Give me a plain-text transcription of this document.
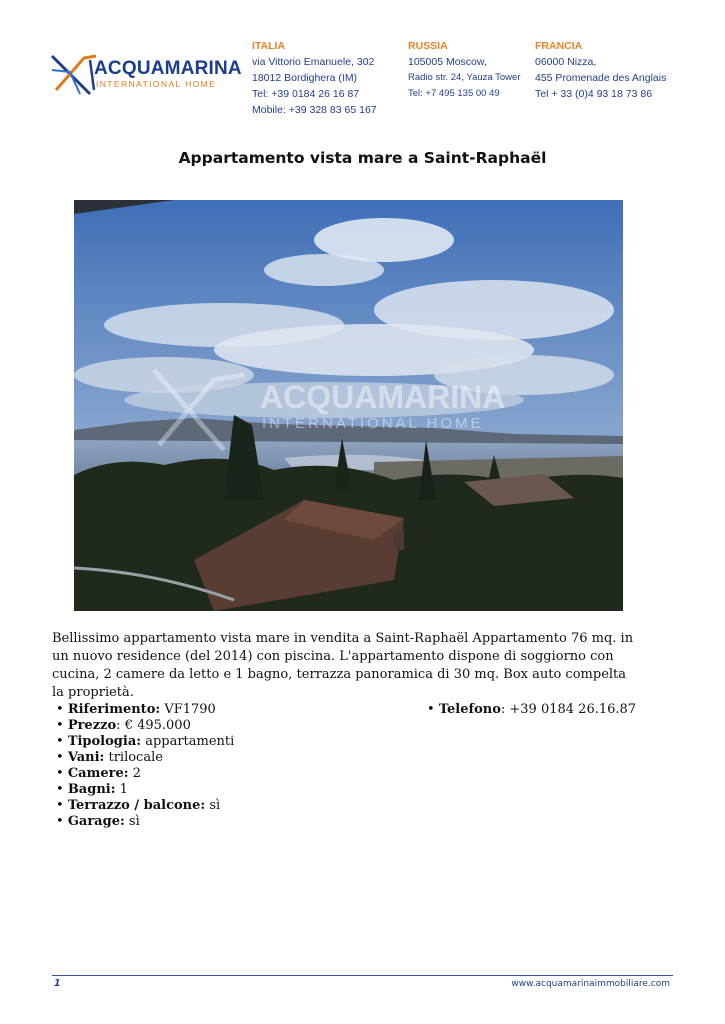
ACQUAMARINA
INTERNATIONAL HOME
ITALIA
via Vittorio Emanuele, 302
18012 Bordighera (IM)
Tel: +39 0184 26 16 87
Mobile: +39 328 83 65 167
RUSSIA
105005 Moscow,
Radio str. 24, Yauza Tower
Tel: +7 495 135 00 49
FRANCIA
06000 Nizza,
455 Promenade des Anglais
Tel + 33 (0)4 93 18 73 86
Appartamento vista mare a Saint-Raphaël
ACQUAMARINA
INTERNATIONAL HOME
Bellissimo appartamento vista mare in vendita a Saint-Raphaël Appartamento 76 mq. in un nuovo residence (del 2014) con piscina. L'appartamento dispone di soggiorno con cucina, 2 camere da letto e 1 bagno, terrazza panoramica di 30 mq. Box auto compelta la proprietà.
• Riferimento: VF1790
• Prezzo: € 495.000
• Tipologia: appartamenti
• Vani: trilocale
• Camere: 2
• Bagni: 1
• Terrazzo / balcone: sì
• Garage: sì
• Telefono: +39 0184 26.16.87
1	www.acquamarinaimmobiliare.com
